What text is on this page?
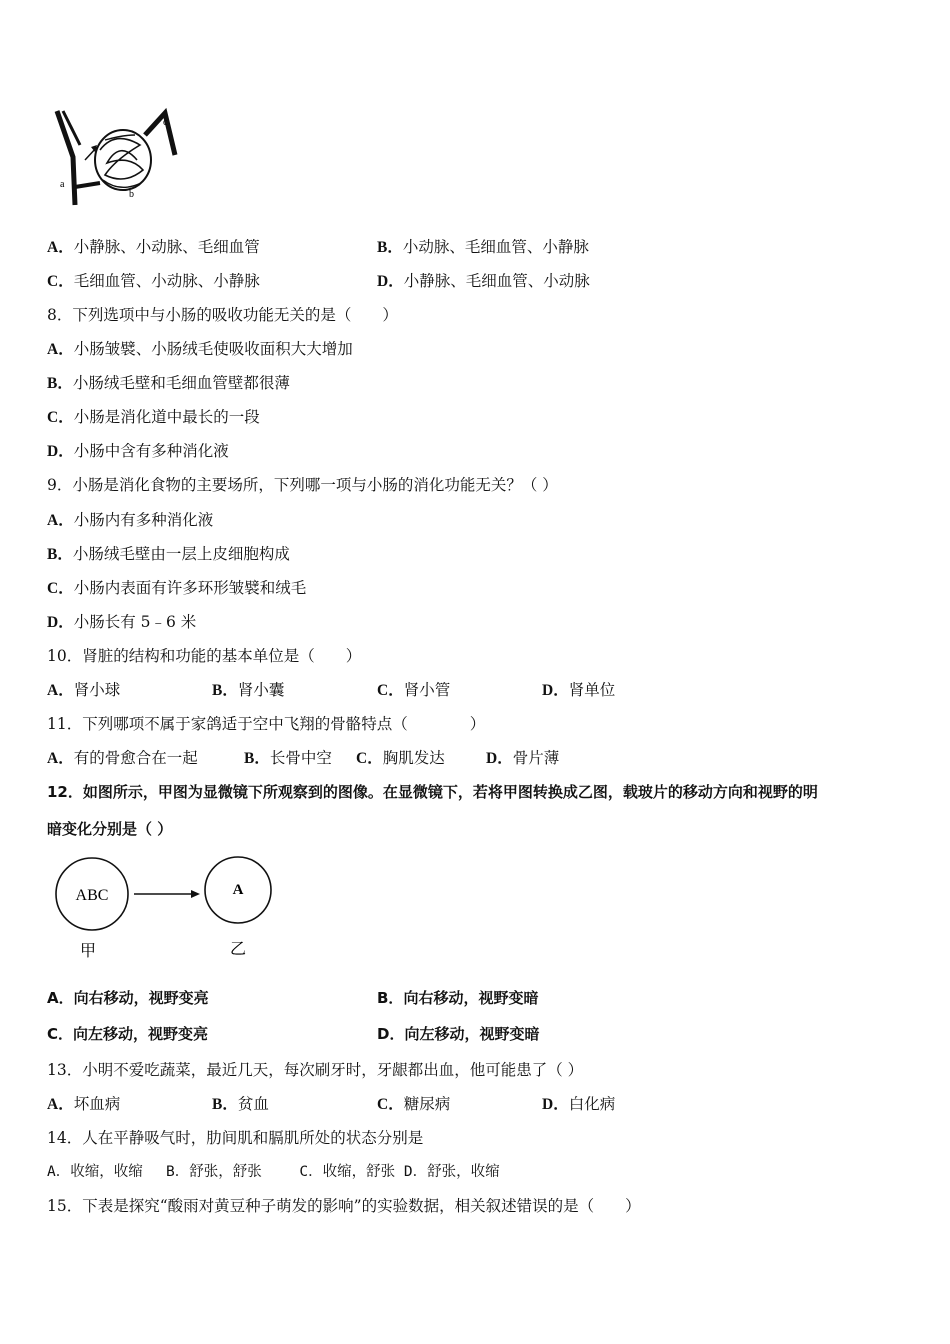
a
b
c
A．小静脉、小动脉、毛细血管	B．小动脉、毛细血管、小静脉
C．毛细血管、小动脉、小静脉	D．小静脉、毛细血管、小动脉
8．下列选项中与小肠的吸收功能无关的是（　　）
A．小肠皱襞、小肠绒毛使吸收面积大大增加
B．小肠绒毛壁和毛细血管壁都很薄
C．小肠是消化道中最长的一段
D．小肠中含有多种消化液
9．小肠是消化食物的主要场所，下列哪一项与小肠的消化功能无关？（ ）
A．小肠内有多种消化液
B．小肠绒毛壁由一层上皮细胞构成
C．小肠内表面有许多环形皱襞和绒毛
D．小肠长有 5﹣6 米
10．肾脏的结构和功能的基本单位是（　　）
A．肾小球	B．肾小囊	C．肾小管	D．肾单位
11．下列哪项不属于家鸽适于空中飞翔的骨骼特点（　　　　）
A．有的骨愈合在一起	B．长骨中空 C．胸肌发达	D．骨片薄
12．如图所示，甲图为显微镜下所观察到的图像。在显微镜下，若将甲图转换成乙图，载玻片的移动方向和视野的明
暗变化分别是（ ）
ABC	A
甲	乙
A．向右移动，视野变亮	B．向右移动，视野变暗
C．向左移动，视野变亮	D．向左移动，视野变暗
13．小明不爱吃蔬菜，最近几天，每次刷牙时，牙龈都出血，他可能患了（ ）
A．坏血病	B．贫血	C．糖尿病	D．白化病
14．人在平静吸气时，肋间肌和膈肌所处的状态分别是
A．收缩，收缩　 B．舒张，舒张　　 C．收缩，舒张 D．舒张，收缩
15．下表是探究“酸雨对黄豆种子萌发的影响”的实验数据，相关叙述错误的是（　　）
